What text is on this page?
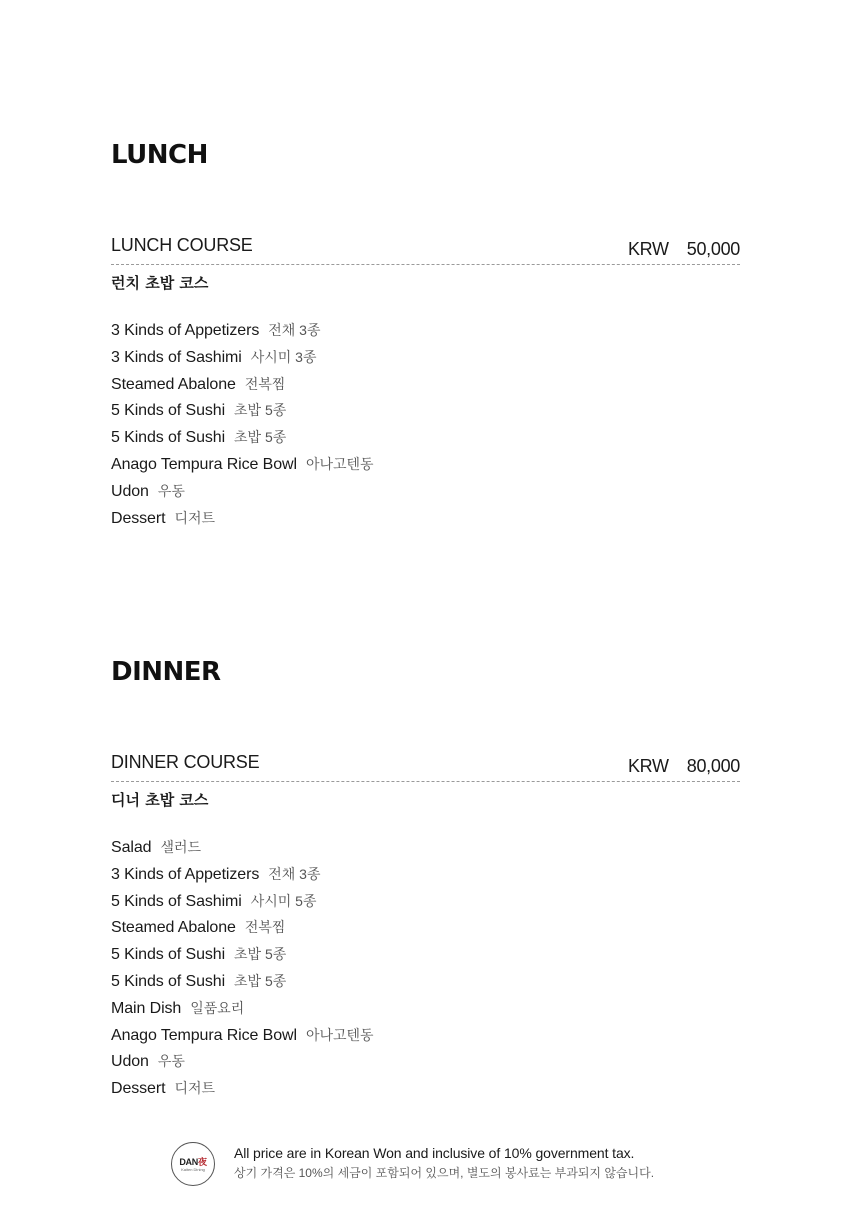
LUNCH
LUNCH COURSE	KRW 50,000
런치 초밥 코스
3 Kinds of Appetizers 전채 3종
3 Kinds of Sashimi 사시미 3종
Steamed Abalone 전복찜
5 Kinds of Sushi 초밥 5종
5 Kinds of Sushi 초밥 5종
Anago Tempura Rice Bowl 아나고텐동
Udon 우동
Dessert 디저트
DINNER
DINNER COURSE	KRW 80,000
디너 초밥 코스
Salad 샐러드
3 Kinds of Appetizers 전채 3종
5 Kinds of Sashimi 사시미 5종
Steamed Abalone 전복찜
5 Kinds of Sushi 초밥 5종
5 Kinds of Sushi 초밥 5종
Main Dish 일품요리
Anago Tempura Rice Bowl 아나고텐동
Udon 우동
Dessert 디저트
DAN夜
Kaiten Dining
All price are in Korean Won and inclusive of 10% government tax.
상기 가격은 10%의 세금이 포함되어 있으며, 별도의 봉사료는 부과되지 않습니다.
